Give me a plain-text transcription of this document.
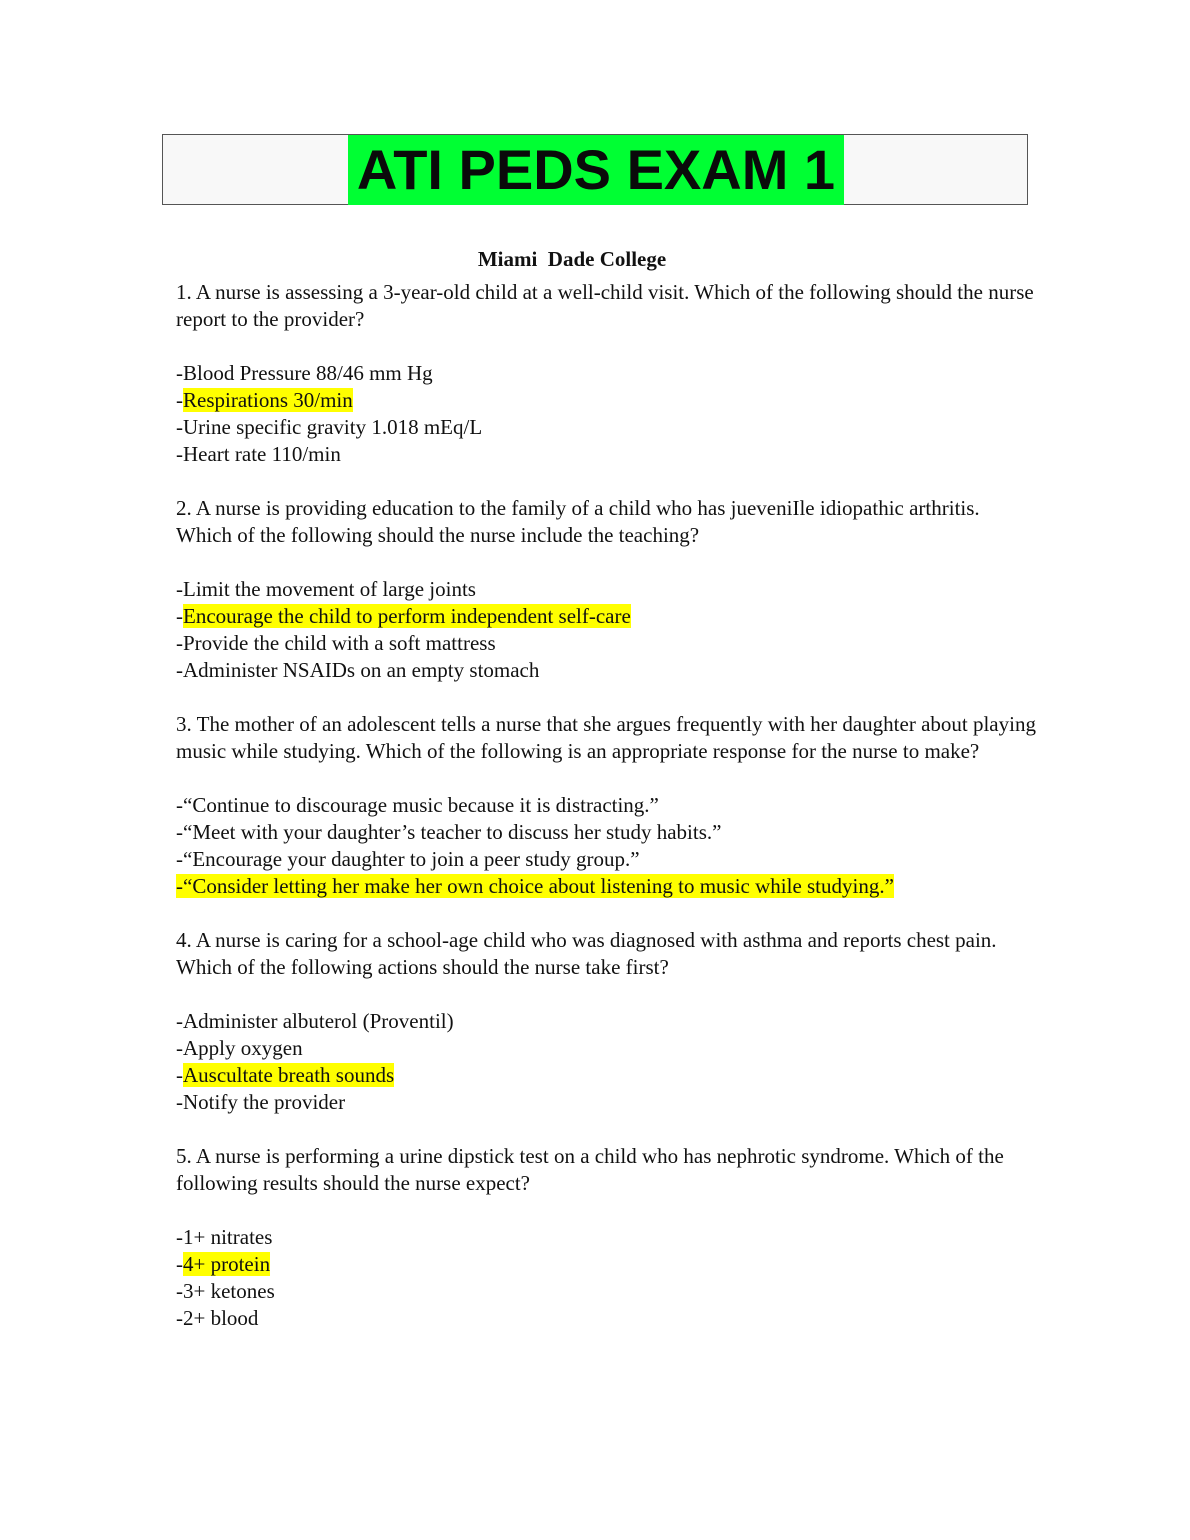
ATI PEDS EXAM 1
Miami  Dade College
1. A nurse is assessing a 3-year-old child at a well-child visit. Which of the following should the nurse report to the provider?
-Blood Pressure 88/46 mm Hg
-Respirations 30/min
-Urine specific gravity 1.018 mEq/L
-Heart rate 110/min
2. A nurse is providing education to the family of a child who has jueveniIle idiopathic arthritis. Which of the following should the nurse include the teaching?
-Limit the movement of large joints
-Encourage the child to perform independent self-care
-Provide the child with a soft mattress
-Administer NSAIDs on an empty stomach
3. The mother of an adolescent tells a nurse that she argues frequently with her daughter about playing music while studying. Which of the following is an appropriate response for the nurse to make?
-“Continue to discourage music because it is distracting.”
-“Meet with your daughter’s teacher to discuss her study habits.”
-“Encourage your daughter to join a peer study group.”
-“Consider letting her make her own choice about listening to music while studying.”
4. A nurse is caring for a school-age child who was diagnosed with asthma and reports chest pain. Which of the following actions should the nurse take first?
-Administer albuterol (Proventil)
-Apply oxygen
-Auscultate breath sounds
-Notify the provider
5. A nurse is performing a urine dipstick test on a child who has nephrotic syndrome. Which of the following results should the nurse expect?
-1+ nitrates
-4+ protein
-3+ ketones
-2+ blood
